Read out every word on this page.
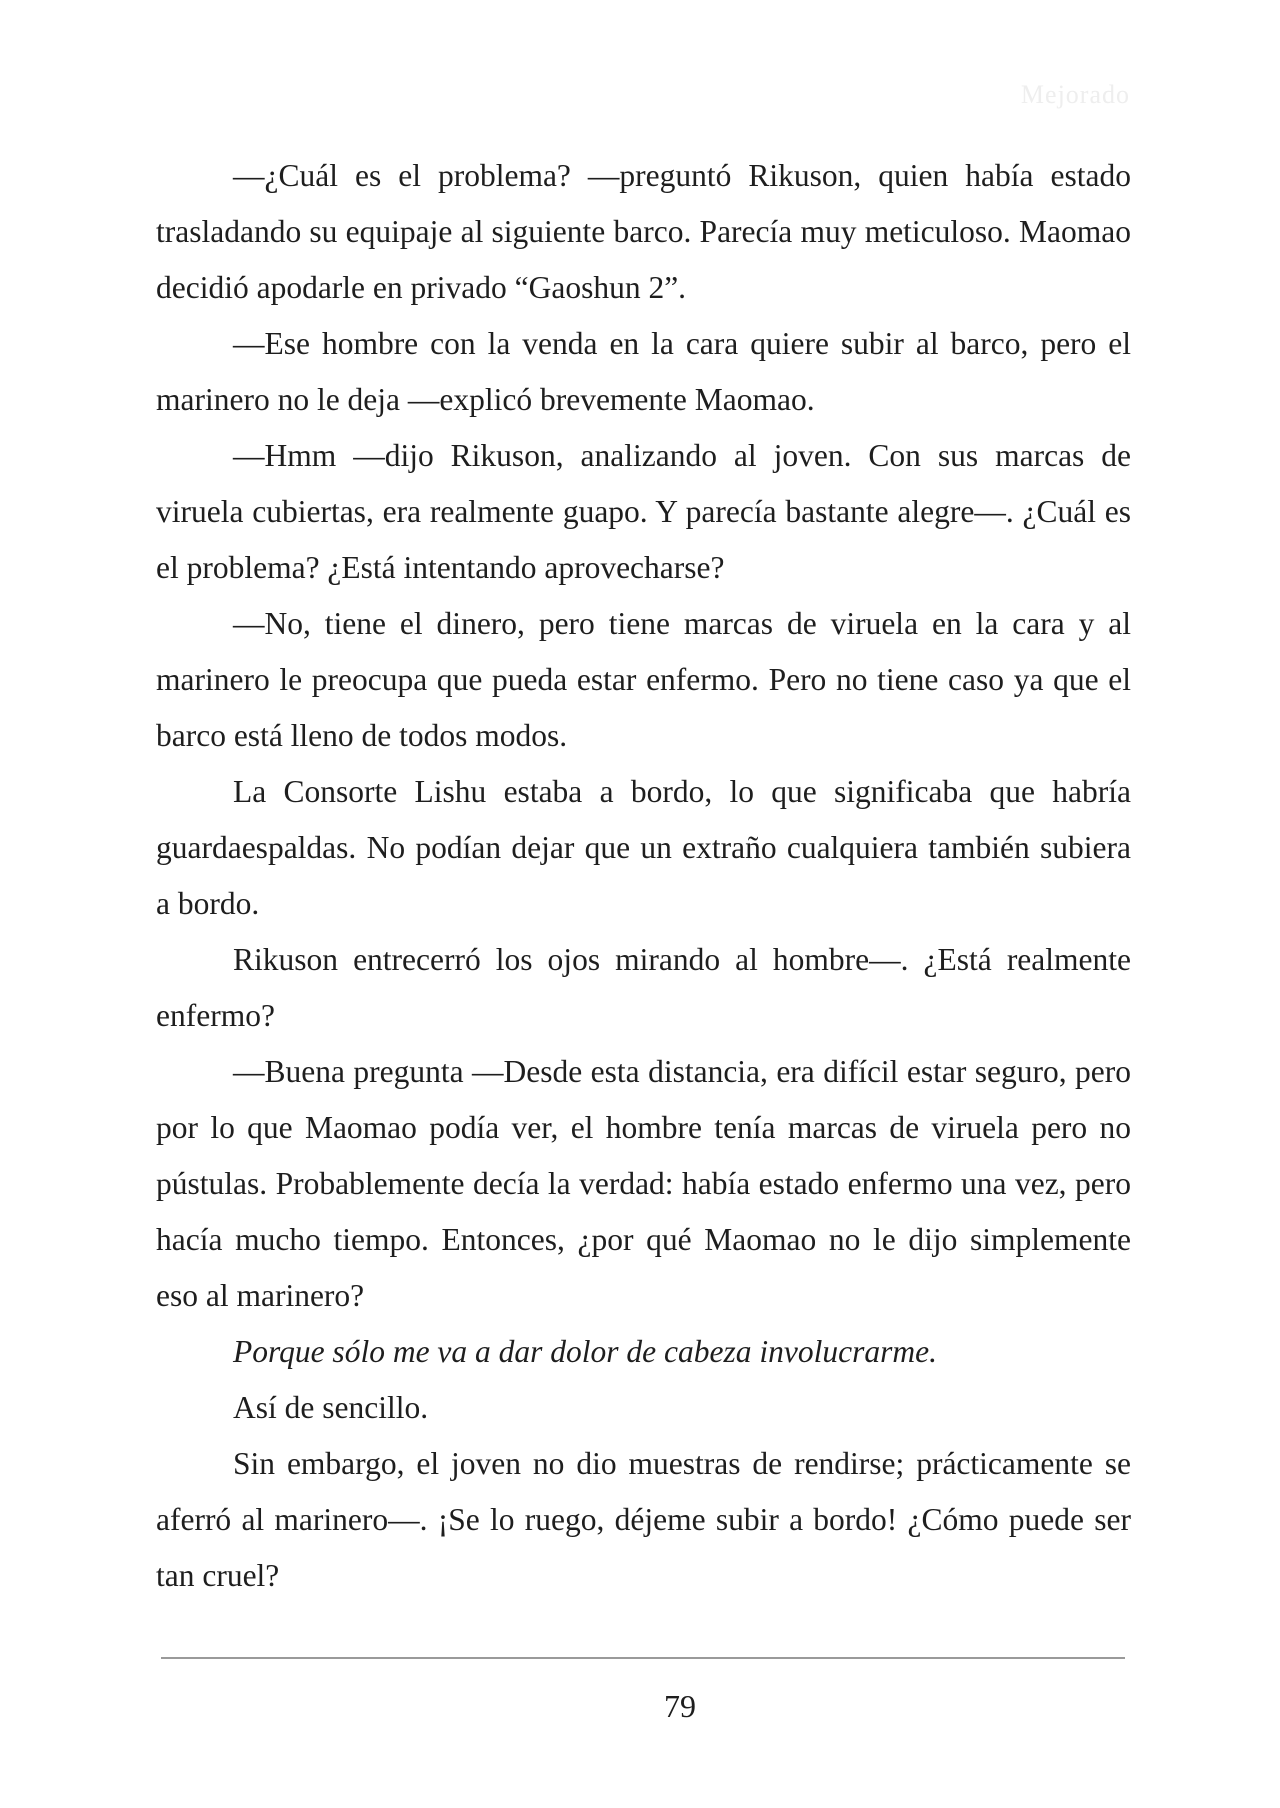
Mejorado

—¿Cuál es el problema? —preguntó Rikuson, quien había estado trasladando su equipaje al siguiente barco. Parecía muy meticuloso. Maomao decidió apodarle en privado “Gaoshun 2”.

—Ese hombre con la venda en la cara quiere subir al barco, pero el marinero no le deja —explicó brevemente Maomao.

—Hmm —dijo Rikuson, analizando al joven. Con sus marcas de viruela cubiertas, era realmente guapo. Y parecía bastante alegre—. ¿Cuál es el problema? ¿Está intentando aprovecharse?

—No, tiene el dinero, pero tiene marcas de viruela en la cara y al marinero le preocupa que pueda estar enfermo. Pero no tiene caso ya que el barco está lleno de todos modos.

La Consorte Lishu estaba a bordo, lo que significaba que habría guardaespaldas. No podían dejar que un extraño cualquiera también subiera a bordo.

Rikuson entrecerró los ojos mirando al hombre—. ¿Está realmente enfermo?

—Buena pregunta —Desde esta distancia, era difícil estar seguro, pero por lo que Maomao podía ver, el hombre tenía marcas de viruela pero no pústulas. Probablemente decía la verdad: había estado enfermo una vez, pero hacía mucho tiempo. Entonces, ¿por qué Maomao no le dijo simplemente eso al marinero?

Porque sólo me va a dar dolor de cabeza involucrarme.

Así de sencillo.

Sin embargo, el joven no dio muestras de rendirse; prácticamente se aferró al marinero—. ¡Se lo ruego, déjeme subir a bordo! ¿Cómo puede ser tan cruel?

79
